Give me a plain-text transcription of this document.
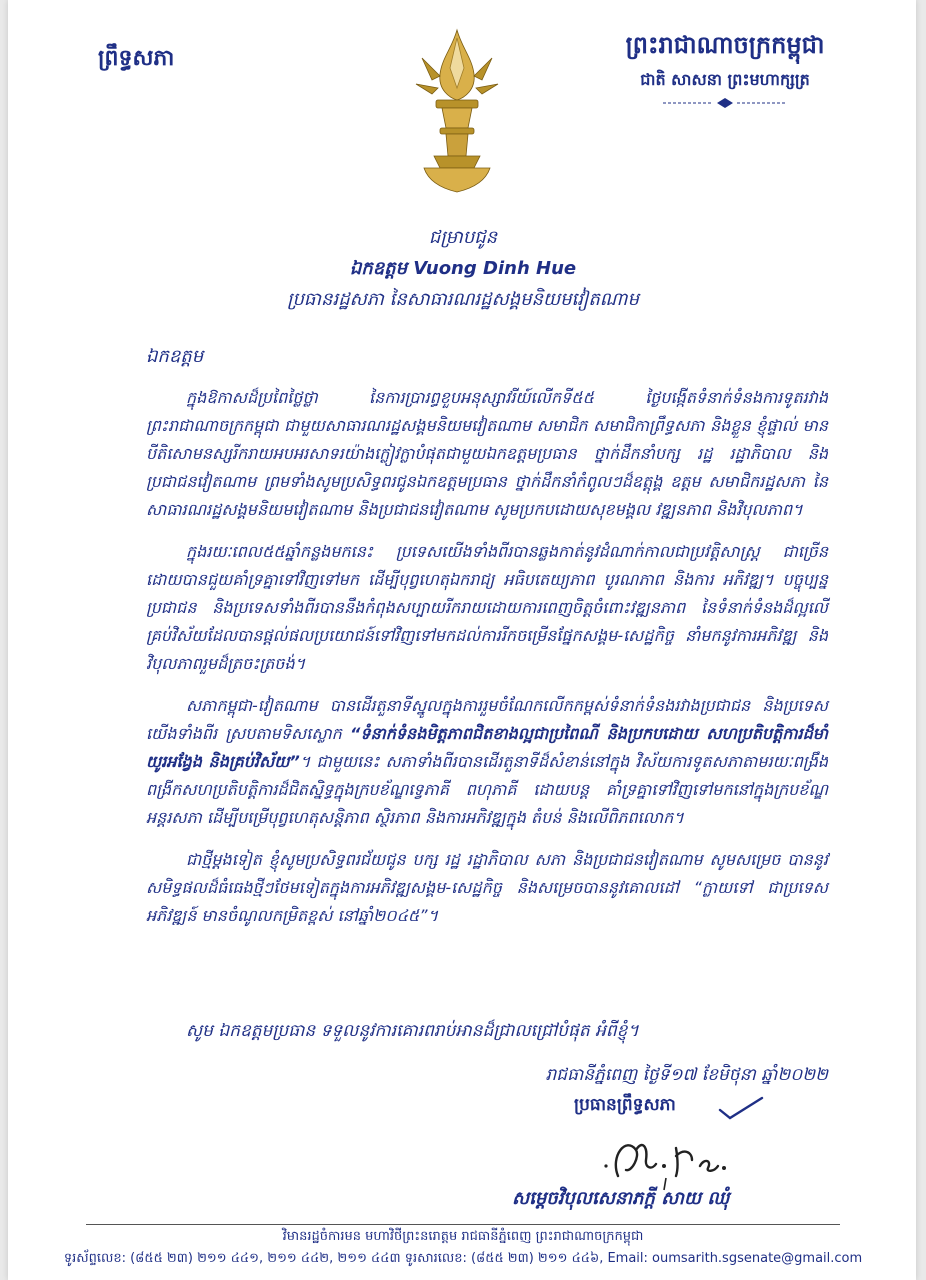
ព្រឹទ្ធសភា	ព្រះរាជាណាចក្រកម្ពុជា
ជាតិ សាសនា ព្រះមហាក្សត្រ
ជម្រាបជូន
ឯកឧត្តម Vuong Dinh Hue
ប្រធានរដ្ឋសភា នៃសាធារណរដ្ឋសង្គមនិយមវៀតណាម
ឯកឧត្តម

ក្នុងឱកាសដ៏ប្រពៃថ្លៃថ្លា នៃការប្រារព្ធខួបអនុស្សាវរីយ៍លើកទី៥៥ ថ្ងៃបង្កើតទំនាក់ទំនងការទូតរវាង ព្រះរាជាណាចក្រកម្ពុជា ជាមួយសាធារណរដ្ឋសង្គមនិយមវៀតណាម សមាជិក សមាជិកាព្រឹទ្ធសភា និងខ្លួន ខ្ញុំផ្ទាល់ មានបីតិសោមនស្សរីករាយអបអរសាទរយ៉ាងក្លៀវក្លាបំផុតជាមួយឯកឧត្តមប្រធាន ថ្នាក់ដឹកនាំបក្ស រដ្ឋ រដ្ឋាភិបាល និងប្រជាជនវៀតណាម ព្រមទាំងសូមប្រសិទ្ធពរជូនឯកឧត្តមប្រធាន ថ្នាក់ដឹកនាំកំពូលៗដ៏ឧត្តុង្គ ឧត្តម សមាជិករដ្ឋសភា នៃសាធារណរដ្ឋសង្គមនិយមវៀតណាម និងប្រជាជនវៀតណាម សូមប្រកបដោយសុខមង្គល វឌ្ឍនភាព និងវិបុលភាព។

ក្នុងរយៈពេល៥៥ឆ្នាំកន្លងមកនេះ ប្រទេសយើងទាំងពីរបានឆ្លងកាត់នូវដំណាក់កាលជាប្រវត្តិសាស្ត្រ ជាច្រើន ដោយបានជួយគាំទ្រគ្នាទៅវិញទៅមក ដើម្បីបុព្វហេតុឯករាជ្យ អធិបតេយ្យភាព បូរណភាព និងការ អភិវឌ្ឍ។ បច្ចុប្បន្នប្រជាជន និងប្រទេសទាំងពីរបាននឹងកំពុងសប្បាយរីករាយដោយការពេញចិត្តចំពោះវឌ្ឍនភាព នៃទំនាក់ទំនងដ៏ល្អលើគ្រប់វិស័យដែលបានផ្ដល់ផលប្រយោជន៍ទៅវិញទៅមកដល់ការរីកចម្រើនផ្នែកសង្គម-សេដ្ឋកិច្ច នាំមកនូវការអភិវឌ្ឍ និងវិបុលភាពរួមដ៏ត្រចះត្រចង់។

សភាកម្ពុជា-វៀតណាម បានដើរតួនាទីស្នូលក្នុងការរួមចំណែកលើកកម្ពស់ទំនាក់ទំនងរវាងប្រជាជន និងប្រទេសយើងទាំងពីរ ស្របតាមទិសស្លោក “ទំនាក់ទំនងមិត្តភាពជិតខាងល្អជាប្រពៃណី និងប្រកបដោយ សហប្រតិបត្តិការដ៏មាំ យូរអង្វែង និងគ្រប់វិស័យ”។ ជាមួយនេះ សភាទាំងពីរបានដើរតួនាទីដ៏សំខាន់នៅក្នុង វិស័យការទូតសភាតាមរយៈពង្រឹងពង្រីកសហប្រតិបត្តិការដ៏ជិតស្និទ្ធក្នុងក្របខ័ណ្ឌទ្វេភាគី ពហុភាគី ដោយបន្ត គាំទ្រគ្នាទៅវិញទៅមកនៅក្នុងក្របខ័ណ្ឌអន្តរសភា ដើម្បីបម្រើបុព្វហេតុសន្តិភាព ស្ថិរភាព និងការអភិវឌ្ឍក្នុង តំបន់ និងលើពិភពលោក។

ជាថ្មីម្ដងទៀត ខ្ញុំសូមប្រសិទ្ធពរជ័យជូន បក្ស រដ្ឋ រដ្ឋាភិបាល សភា និងប្រជាជនវៀតណាម សូមសម្រេច បាននូវសមិទ្ធផលដ៏ធំធេងថ្មីៗថែមទៀតក្នុងការអភិវឌ្ឍសង្គម-សេដ្ឋកិច្ច និងសម្រេចបាននូវគោលដៅ “ក្លាយទៅ ជាប្រទេសអភិវឌ្ឍន៍ មានចំណូលកម្រិតខ្ពស់ នៅឆ្នាំ២០៤៥”។

សូម ឯកឧត្តមប្រធាន ទទួលនូវការគោរពរាប់អានដ៏ជ្រាលជ្រៅបំផុត អំពីខ្ញុំ។
រាជធានីភ្នំពេញ ថ្ងៃទី១៧ ខែមិថុនា ឆ្នាំ២០២២
ប្រធានព្រឹទ្ធសភា
សម្ដេចវិបុលសេនាភក្ដី សាយ ឈុំ
វិមានរដ្ឋចំការមន មហាវិថីព្រះនរោត្តម រាជធានីភ្នំពេញ ព្រះរាជាណាចក្រកម្ពុជា
ទូរស័ព្ទលេខ: (៨៥៥ ២៣) ២១១ ៤៤១, ២១១ ៤៤២, ២១១ ៤៤៣ ទូរសារលេខ: (៨៥៥ ២៣) ២១១ ៤៤៦, Email: oumsarith.sgsenate@gmail.com
